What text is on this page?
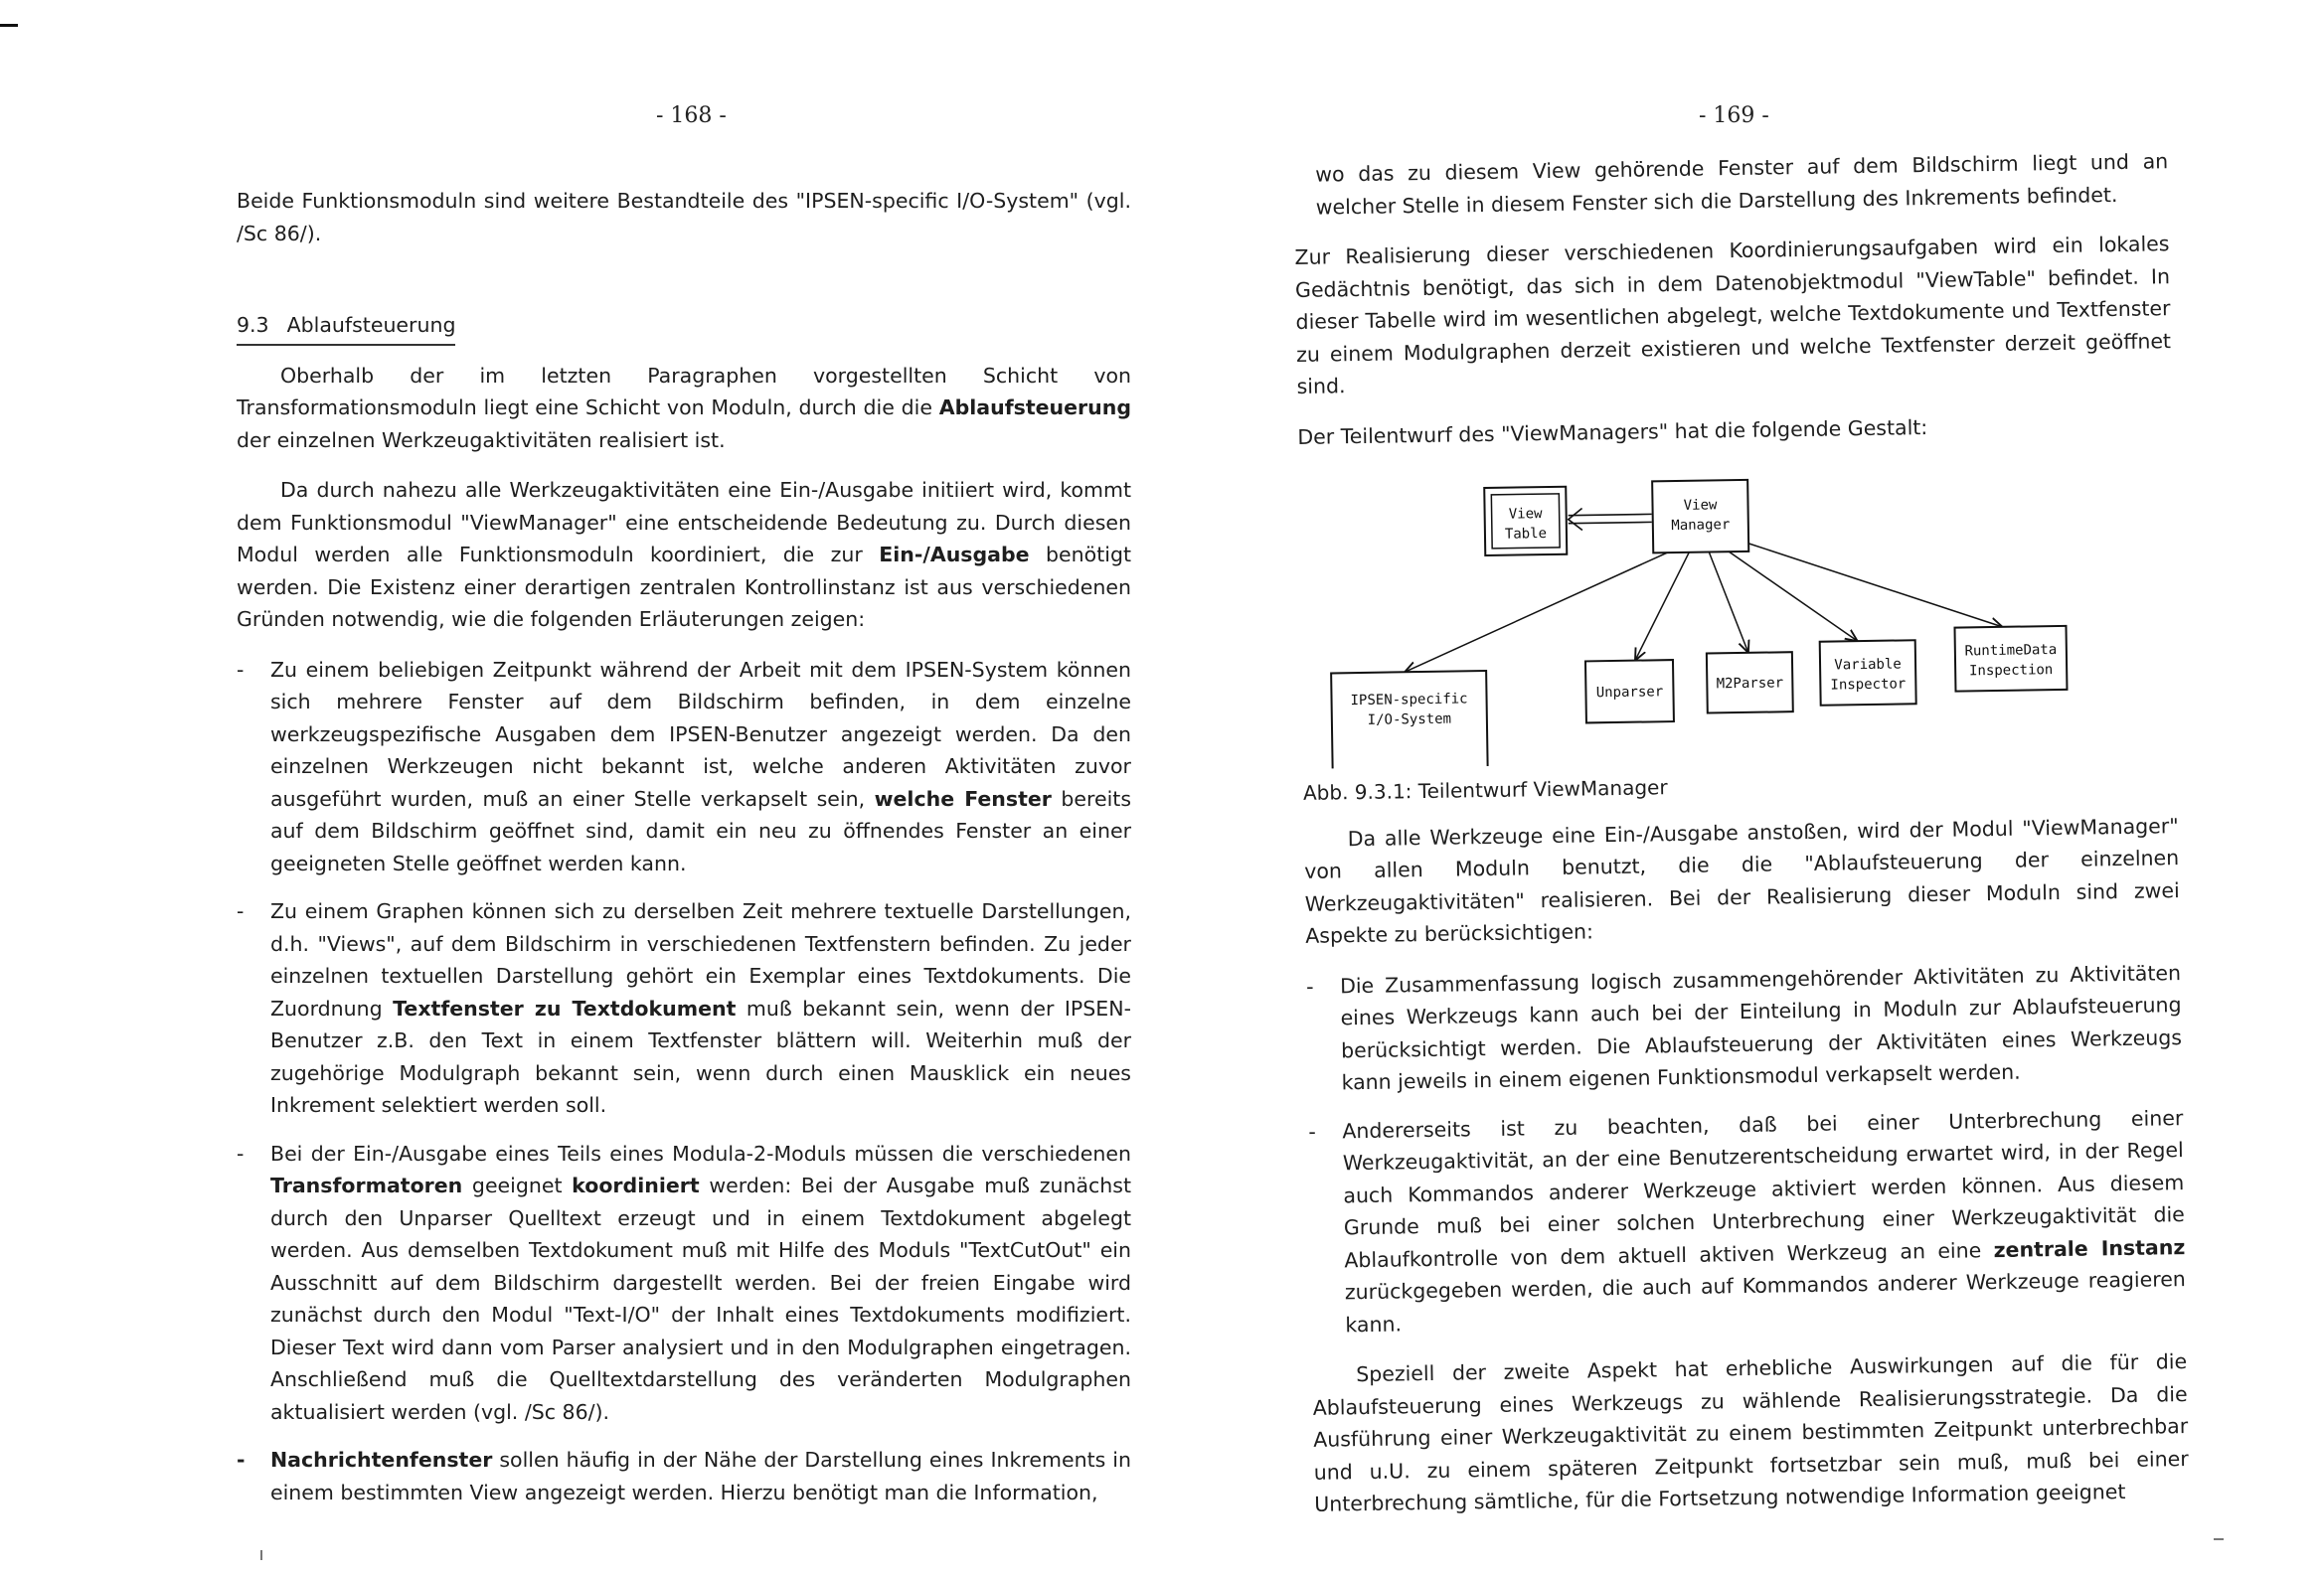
- 168 -

Beide Funktionsmoduln sind weitere Bestandteile des "IPSEN-specific I/O-System" (vgl. /Sc 86/).

9.3 Ablaufsteuerung

Oberhalb der im letzten Paragraphen vorgestellten Schicht von Transformationsmoduln liegt eine Schicht von Moduln, durch die die Ablaufsteuerung der einzelnen Werkzeugaktivitäten realisiert ist.

Da durch nahezu alle Werkzeugaktivitäten eine Ein-/Ausgabe initiiert wird, kommt dem Funktionsmodul "ViewManager" eine entscheidende Bedeutung zu. Durch diesen Modul werden alle Funktionsmoduln koordiniert, die zur Ein-/Ausgabe benötigt werden. Die Existenz einer derartigen zentralen Kontrollinstanz ist aus verschiedenen Gründen notwendig, wie die folgenden Erläuterungen zeigen:

- Zu einem beliebigen Zeitpunkt während der Arbeit mit dem IPSEN-System können sich mehrere Fenster auf dem Bildschirm befinden, in dem einzelne werkzeugspezifische Ausgaben dem IPSEN-Benutzer angezeigt werden. Da den einzelnen Werkzeugen nicht bekannt ist, welche anderen Aktivitäten zuvor ausgeführt wurden, muß an einer Stelle verkapselt sein, welche Fenster bereits auf dem Bildschirm geöffnet sind, damit ein neu zu öffnendes Fenster an einer geeigneten Stelle geöffnet werden kann.
- Zu einem Graphen können sich zu derselben Zeit mehrere textuelle Darstellungen, d.h. "Views", auf dem Bildschirm in verschiedenen Textfenstern befinden. Zu jeder einzelnen textuellen Darstellung gehört ein Exemplar eines Textdokuments. Die Zuordnung Textfenster zu Textdokument muß bekannt sein, wenn der IPSEN-Benutzer z.B. den Text in einem Textfenster blättern will. Weiterhin muß der zugehörige Modulgraph bekannt sein, wenn durch einen Mausklick ein neues Inkrement selektiert werden soll.
- Bei der Ein-/Ausgabe eines Teils eines Modula-2-Moduls müssen die verschiedenen Transformatoren geeignet koordiniert werden: Bei der Ausgabe muß zunächst durch den Unparser Quelltext erzeugt und in einem Textdokument abgelegt werden. Aus demselben Textdokument muß mit Hilfe des Moduls "TextCutOut" ein Ausschnitt auf dem Bildschirm dargestellt werden. Bei der freien Eingabe wird zunächst durch den Modul "Text-I/O" der Inhalt eines Textdokuments modifiziert. Dieser Text wird dann vom Parser analysiert und in den Modulgraphen eingetragen. Anschließend muß die Quelltextdarstellung des veränderten Modulgraphen aktualisiert werden (vgl. /Sc 86/).
- Nachrichtenfenster sollen häufig in der Nähe der Darstellung eines Inkrements in einem bestimmten View angezeigt werden. Hierzu benötigt man die Information,
- 169 -

wo das zu diesem View gehörende Fenster auf dem Bildschirm liegt und an welcher Stelle in diesem Fenster sich die Darstellung des Inkrements befindet.

Zur Realisierung dieser verschiedenen Koordinierungsaufgaben wird ein lokales Gedächtnis benötigt, das sich in dem Datenobjektmodul "ViewTable" befindet. In dieser Tabelle wird im wesentlichen abgelegt, welche Textdokumente und Textfenster zu einem Modulgraphen derzeit existieren und welche Textfenster derzeit geöffnet sind.

Der Teilentwurf des "ViewManagers" hat die folgende Gestalt:

View
Table
View
Manager
IPSEN-specific
I/O-System
Unparser
M2Parser
Variable
Inspector
RuntimeData
Inspection

Abb. 9.3.1: Teilentwurf ViewManager

Da alle Werkzeuge eine Ein-/Ausgabe anstoßen, wird der Modul "ViewManager" von allen Moduln benutzt, die die "Ablaufsteuerung der einzelnen Werkzeugaktivitäten" realisieren. Bei der Realisierung dieser Moduln sind zwei Aspekte zu berücksichtigen:

- Die Zusammenfassung logisch zusammengehörender Aktivitäten zu Aktivitäten eines Werkzeugs kann auch bei der Einteilung in Moduln zur Ablaufsteuerung berücksichtigt werden. Die Ablaufsteuerung der Aktivitäten eines Werkzeugs kann jeweils in einem eigenen Funktionsmodul verkapselt werden.
- Andererseits ist zu beachten, daß bei einer Unterbrechung einer Werkzeugaktivität, an der eine Benutzerentscheidung erwartet wird, in der Regel auch Kommandos anderer Werkzeuge aktiviert werden können. Aus diesem Grunde muß bei einer solchen Unterbrechung einer Werkzeugaktivität die Ablaufkontrolle von dem aktuell aktiven Werkzeug an eine zentrale Instanz zurückgegeben werden, die auch auf Kommandos anderer Werkzeuge reagieren kann.

Speziell der zweite Aspekt hat erhebliche Auswirkungen auf die für die Ablaufsteuerung eines Werkzeugs zu wählende Realisierungsstrategie. Da die Ausführung einer Werkzeugaktivität zu einem bestimmten Zeitpunkt unterbrechbar und u.U. zu einem späteren Zeitpunkt fortsetzbar sein muß, muß bei einer Unterbrechung sämtliche, für die Fortsetzung notwendige Information geeignet
